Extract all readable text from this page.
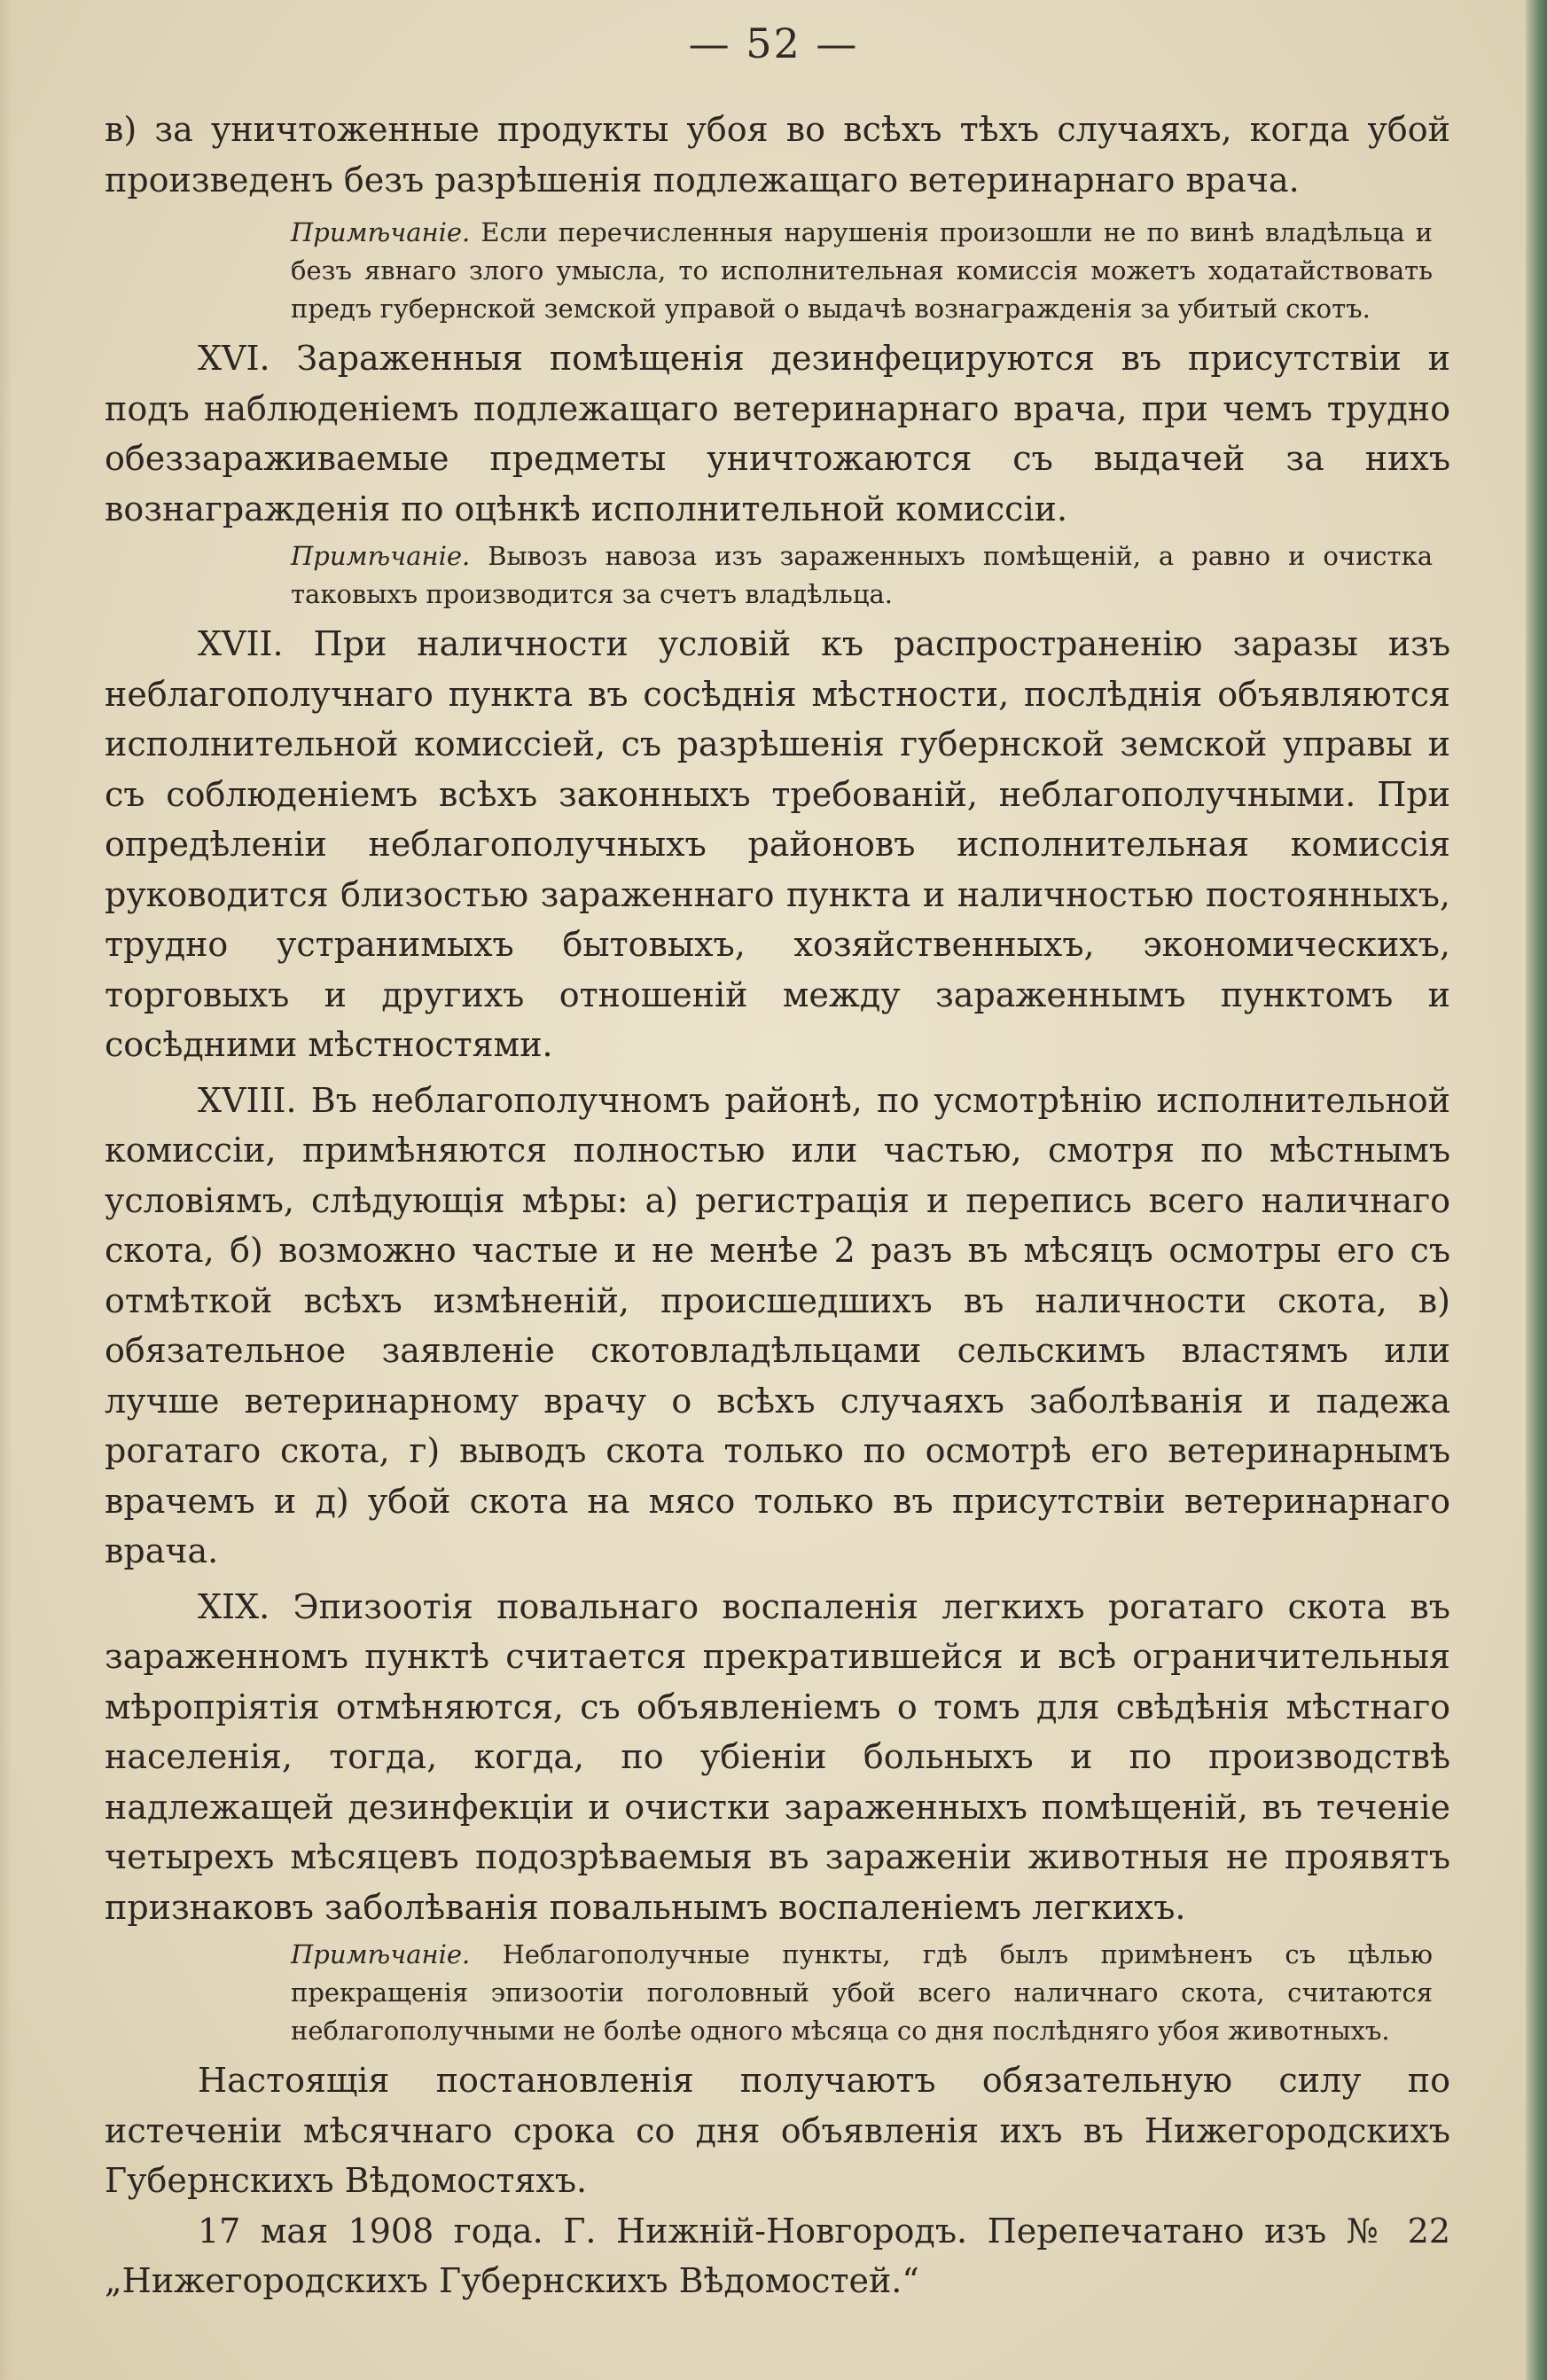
— 52 —

в) за уничтоженные продукты убоя во всѣхъ тѣхъ случаяхъ, когда убой произведенъ безъ разрѣшенія подлежащаго ветеринарнаго врача.

Примѣчаніе. Если перечисленныя нарушенія произошли не по винѣ владѣльца и безъ явнаго злого умысла, то исполнительная комиссія можетъ ходатайствовать предъ губернской земской управой о выдачѣ вознагражденія за убитый скотъ.

XVI. Зараженныя помѣщенія дезинфецируются въ присутствіи и подъ наблюденіемъ подлежащаго ветеринарнаго врача, при чемъ трудно обеззараживаемые предметы уничтожаются съ выдачей за нихъ вознагражденія по оцѣнкѣ исполнительной комиссіи.

Примѣчаніе. Вывозъ навоза изъ зараженныхъ помѣщеній, а равно и очистка таковыхъ производится за счетъ владѣльца.

XVII. При наличности условій къ распространенію заразы изъ неблагополучнаго пункта въ сосѣднія мѣстности, послѣднія объявляются исполнительной комиссіей, съ разрѣшенія губернской земской управы и съ соблюденіемъ всѣхъ законныхъ требованій, неблагополучными. При опредѣленіи неблагополучныхъ районовъ исполнительная комиссія руководится близостью зараженнаго пункта и наличностью постоянныхъ, трудно устранимыхъ бытовыхъ, хозяйственныхъ, экономическихъ, торговыхъ и другихъ отношеній между зараженнымъ пунктомъ и сосѣдними мѣстностями.

XVIII. Въ неблагополучномъ районѣ, по усмотрѣнію исполнительной комиссіи, примѣняются полностью или частью, смотря по мѣстнымъ условіямъ, слѣдующія мѣры: а) регистрація и перепись всего наличнаго скота, б) возможно частые и не менѣе 2 разъ въ мѣсяцъ осмотры его съ отмѣткой всѣхъ измѣненій, происшедшихъ въ наличности скота, в) обязательное заявленіе скотовладѣльцами сельскимъ властямъ или лучше ветеринарному врачу о всѣхъ случаяхъ заболѣванія и падежа рогатаго скота, г) выводъ скота только по осмотрѣ его ветеринарнымъ врачемъ и д) убой скота на мясо только въ присутствіи ветеринарнаго врача.

XIX. Эпизоотія повальнаго воспаленія легкихъ рогатаго скота въ зараженномъ пунктѣ считается прекратившейся и всѣ ограничительныя мѣропріятія отмѣняются, съ объявленіемъ о томъ для свѣдѣнія мѣстнаго населенія, тогда, когда, по убіеніи больныхъ и по производствѣ надлежащей дезинфекціи и очистки зараженныхъ помѣщеній, въ теченіе четырехъ мѣсяцевъ подозрѣваемыя въ зараженіи животныя не проявятъ признаковъ заболѣванія повальнымъ воспаленіемъ легкихъ.

Примѣчаніе. Неблагополучные пункты, гдѣ былъ примѣненъ съ цѣлью прекращенія эпизоотіи поголовный убой всего наличнаго скота, считаются неблагополучными не болѣе одного мѣсяца со дня послѣдняго убоя животныхъ.

Настоящія постановленія получаютъ обязательную силу по истеченіи мѣсячнаго срока со дня объявленія ихъ въ Нижегородскихъ Губернскихъ Вѣдомостяхъ.

17 мая 1908 года. Г. Нижній-Новгородъ. Перепечатано изъ № 22 „Нижегородскихъ Губернскихъ Вѣдомостей.“
